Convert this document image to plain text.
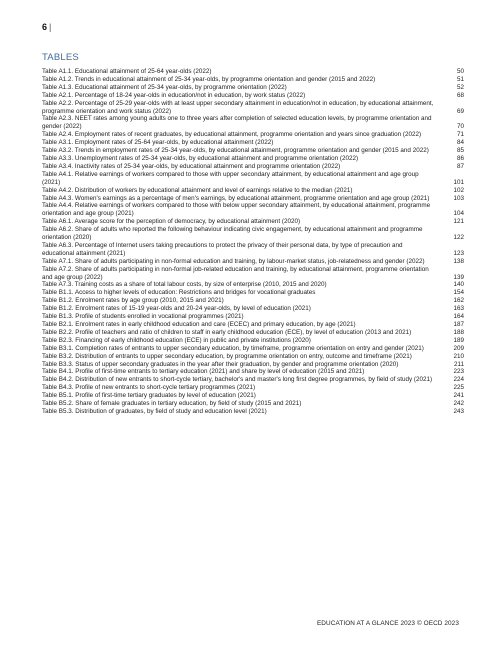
6 |
TABLES
Table A1.1. Educational attainment of 25-64 year-olds (2022)	50
Table A1.2. Trends in educational attainment of 25-34 year-olds, by programme orientation and gender (2015 and 2022)	51
Table A1.3. Educational attainment of 25-34 year-olds, by programme orientation (2022)	52
Table A2.1. Percentage of 18-24 year-olds in education/not in education, by work status (2022)	68
Table A2.2. Percentage of 25-29 year-olds with at least upper secondary attainment in education/not in education, by educational attainment, programme orientation and work status (2022)	69
Table A2.3. NEET rates among young adults one to three years after completion of selected education levels, by programme orientation and gender (2022)	70
Table A2.4. Employment rates of recent graduates, by educational attainment, programme orientation and years since graduation (2022)	71
Table A3.1. Employment rates of 25-64 year-olds, by educational attainment (2022)	84
Table A3.2. Trends in employment rates of 25-34 year-olds, by educational attainment, programme orientation and gender (2015 and 2022)	85
Table A3.3. Unemployment rates of 25-34 year-olds, by educational attainment and programme orientation (2022)	86
Table A3.4. Inactivity rates of 25-34 year-olds, by educational attainment and programme orientation (2022)	87
Table A4.1. Relative earnings of workers compared to those with upper secondary attainment, by educational attainment and age group (2021)	101
Table A4.2. Distribution of workers by educational attainment and level of earnings relative to the median (2021)	102
Table A4.3. Women's earnings as a percentage of men's earnings, by educational attainment, programme orientation and age group (2021)	103
Table A4.4. Relative earnings of workers compared to those with below upper secondary attainment, by educational attainment, programme orientation and age group (2021)	104
Table A6.1. Average score for the perception of democracy, by educational attainment (2020)	121
Table A6.2. Share of adults who reported the following behaviour indicating civic engagement, by educational attainment and programme orientation (2020)	122
Table A6.3. Percentage of Internet users taking precautions to protect the privacy of their personal data, by type of precaution and educational attainment (2021)	123
Table A7.1. Share of adults participating in non-formal education and training, by labour-market status, job-relatedness and gender (2022)	138
Table A7.2. Share of adults participating in non-formal job-related education and training, by educational attainment, programme orientation and age group (2022)	139
Table A7.3. Training costs as a share of total labour costs, by size of enterprise (2010, 2015 and 2020)	140
Table B1.1. Access to higher levels of education: Restrictions and bridges for vocational graduates	154
Table B1.2. Enrolment rates by age group (2010, 2015 and 2021)	162
Table B1.2. Enrolment rates of 15-19 year-olds and 20-24 year-olds, by level of education (2021)	163
Table B1.3. Profile of students enrolled in vocational programmes (2021)	164
Table B2.1. Enrolment rates in early childhood education and care (ECEC) and primary education, by age (2021)	187
Table B2.2. Profile of teachers and ratio of children to staff in early childhood education (ECE), by level of education (2013 and 2021)	188
Table B2.3. Financing of early childhood education (ECE) in public and private institutions (2020)	189
Table B3.1. Completion rates of entrants to upper secondary education, by timeframe, programme orientation on entry and gender (2021)	209
Table B3.2. Distribution of entrants to upper secondary education, by programme orientation on entry, outcome and timeframe (2021)	210
Table B3.3. Status of upper secondary graduates in the year after their graduation, by gender and programme orientation (2020)	211
Table B4.1. Profile of first-time entrants to tertiary education (2021) and share by level of education (2015 and 2021)	223
Table B4.2. Distribution of new entrants to short-cycle tertiary, bachelor's and master's long first degree programmes, by field of study (2021)	224
Table B4.3. Profile of new entrants to short-cycle tertiary programmes (2021)	225
Table B5.1. Profile of first-time tertiary graduates by level of education (2021)	241
Table B5.2. Share of female graduates in tertiary education, by field of study (2015 and 2021)	242
Table B5.3. Distribution of graduates, by field of study and education level (2021)	243
EDUCATION AT A GLANCE 2023 © OECD 2023
